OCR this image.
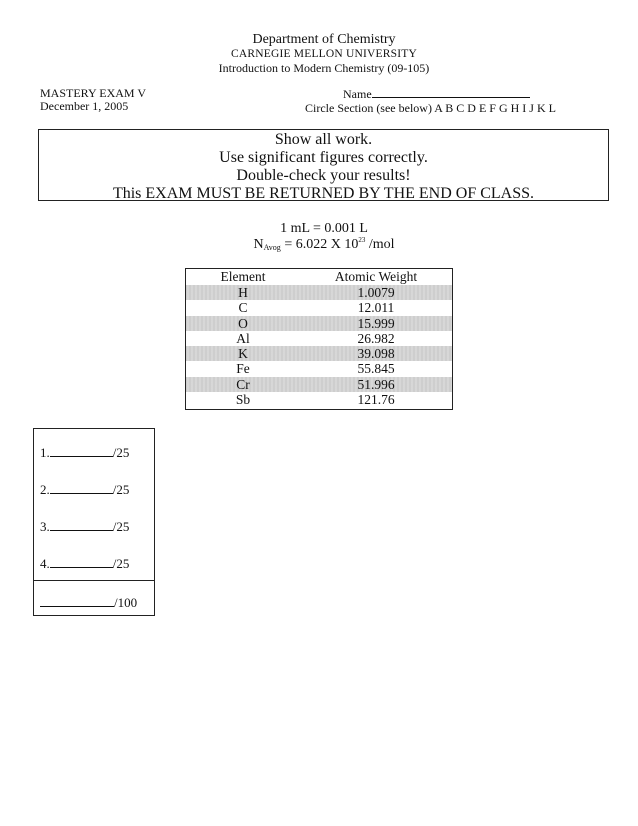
Department of Chemistry
CARNEGIE MELLON UNIVERSITY
Introduction to Modern Chemistry (09-105)
MASTERY EXAM V
December 1, 2005
Name
Circle Section (see below) A B C D E F G H I J K L
Show all work.
Use significant figures correctly.
Double-check your results!
This EXAM MUST BE RETURNED BY THE END OF CLASS.
1 mL = 0.001 L
$N_{Avog} = 6.022$ X $10^{23}$ /mol
Element	Atomic Weight
H	1.0079
C	12.011
O	15.999
Al	26.982
K	39.098
Fe	55.845
Cr	51.996
Sb	121.76
1.	/25
2.	/25
3.	/25
4.	/25
/100
